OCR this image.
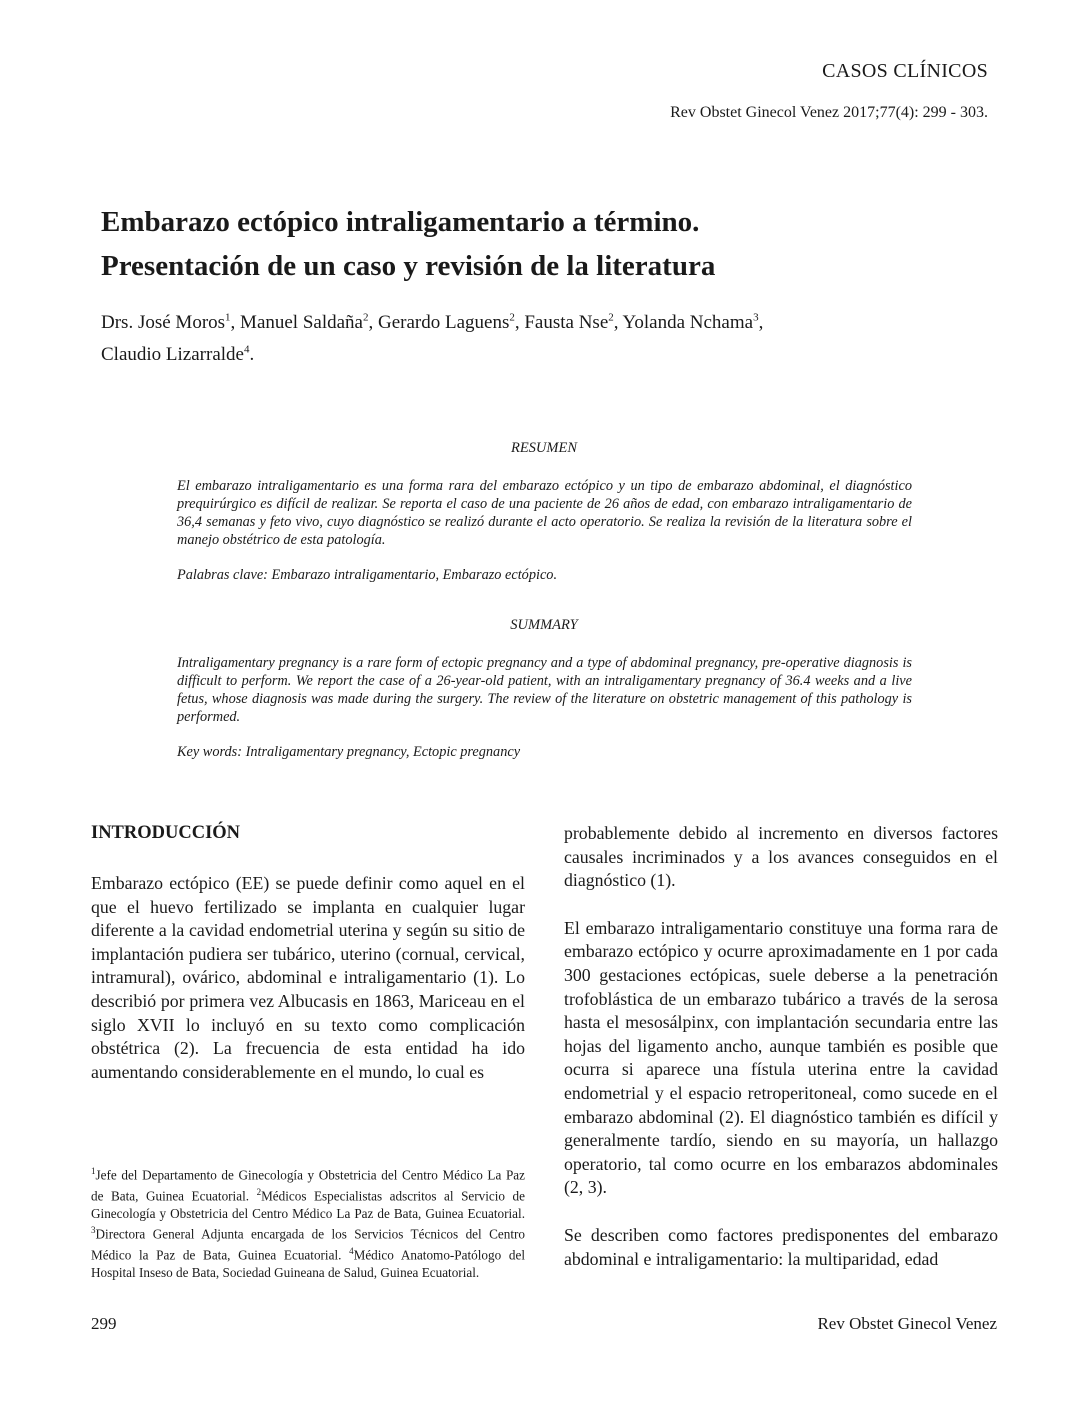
CASOS CLÍNICOS
Rev Obstet Ginecol Venez 2017;77(4): 299 - 303.
Embarazo ectópico intraligamentario a término.
Presentación de un caso y revisión de la literatura
Drs. José Moros$^1$, Manuel Saldaña$^2$, Gerardo Laguens$^2$, Fausta Nse$^2$, Yolanda Nchama$^3$,
Claudio Lizarralde$^4$.
RESUMEN

El embarazo intraligamentario es una forma rara del embarazo ectópico y un tipo de embarazo abdominal, el diagnóstico prequirúrgico es difícil de realizar. Se reporta el caso de una paciente de 26 años de edad, con embarazo intraligamentario de 36,4 semanas y feto vivo, cuyo diagnóstico se realizó durante el acto operatorio. Se realiza la revisión de la literatura sobre el manejo obstétrico de esta patología.

Palabras clave: Embarazo intraligamentario, Embarazo ectópico.

SUMMARY

Intraligamentary pregnancy is a rare form of ectopic pregnancy and a type of abdominal pregnancy, pre-operative diagnosis is difficult to perform. We report the case of a 26-year-old patient, with an intraligamentary pregnancy of 36.4 weeks and a live fetus, whose diagnosis was made during the surgery. The review of the literature on obstetric management of this pathology is performed.

Key words: Intraligamentary pregnancy, Ectopic pregnancy

INTRODUCCIÓN

Embarazo ectópico (EE) se puede definir como aquel en el que el huevo fertilizado se implanta en cualquier lugar diferente a la cavidad endometrial uterina y según su sitio de implantación pudiera ser tubárico, uterino (cornual, cervical, intramural), ovárico, abdominal e intraligamentario (1). Lo describió por primera vez Albucasis en 1863, Mariceau en el siglo XVII lo incluyó en su texto como complicación obstétrica (2). La frecuencia de esta entidad ha ido aumentando considerablemente en el mundo, lo cual es

probablemente debido al incremento en diversos factores causales incriminados y a los avances conseguidos en el diagnóstico (1).

El embarazo intraligamentario constituye una forma rara de embarazo ectópico y ocurre aproximadamente en 1 por cada 300 gestaciones ectópicas, suele deberse a la penetración trofoblástica de un embarazo tubárico a través de la serosa hasta el mesosálpinx, con implantación secundaria entre las hojas del ligamento ancho, aunque también es posible que ocurra si aparece una fístula uterina entre la cavidad endometrial y el espacio retroperitoneal, como sucede en el embarazo abdominal (2). El diagnóstico también es difícil y generalmente tardío, siendo en su mayoría, un hallazgo operatorio, tal como ocurre en los embarazos abdominales (2, 3).

Se describen como factores predisponentes del embarazo abdominal e intraligamentario: la multiparidad, edad

$^1$Jefe del Departamento de Ginecología y Obstetricia del Centro Médico La Paz de Bata, Guinea Ecuatorial. $^2$Médicos Especialistas adscritos al Servicio de Ginecología y Obstetricia del Centro Médico La Paz de Bata, Guinea Ecuatorial. $^3$Directora General Adjunta encargada de los Servicios Técnicos del Centro Médico la Paz de Bata, Guinea Ecuatorial. $^4$Médico Anatomo-Patólogo del Hospital Inseso de Bata, Sociedad Guineana de Salud, Guinea Ecuatorial.
299	Rev Obstet Ginecol Venez
